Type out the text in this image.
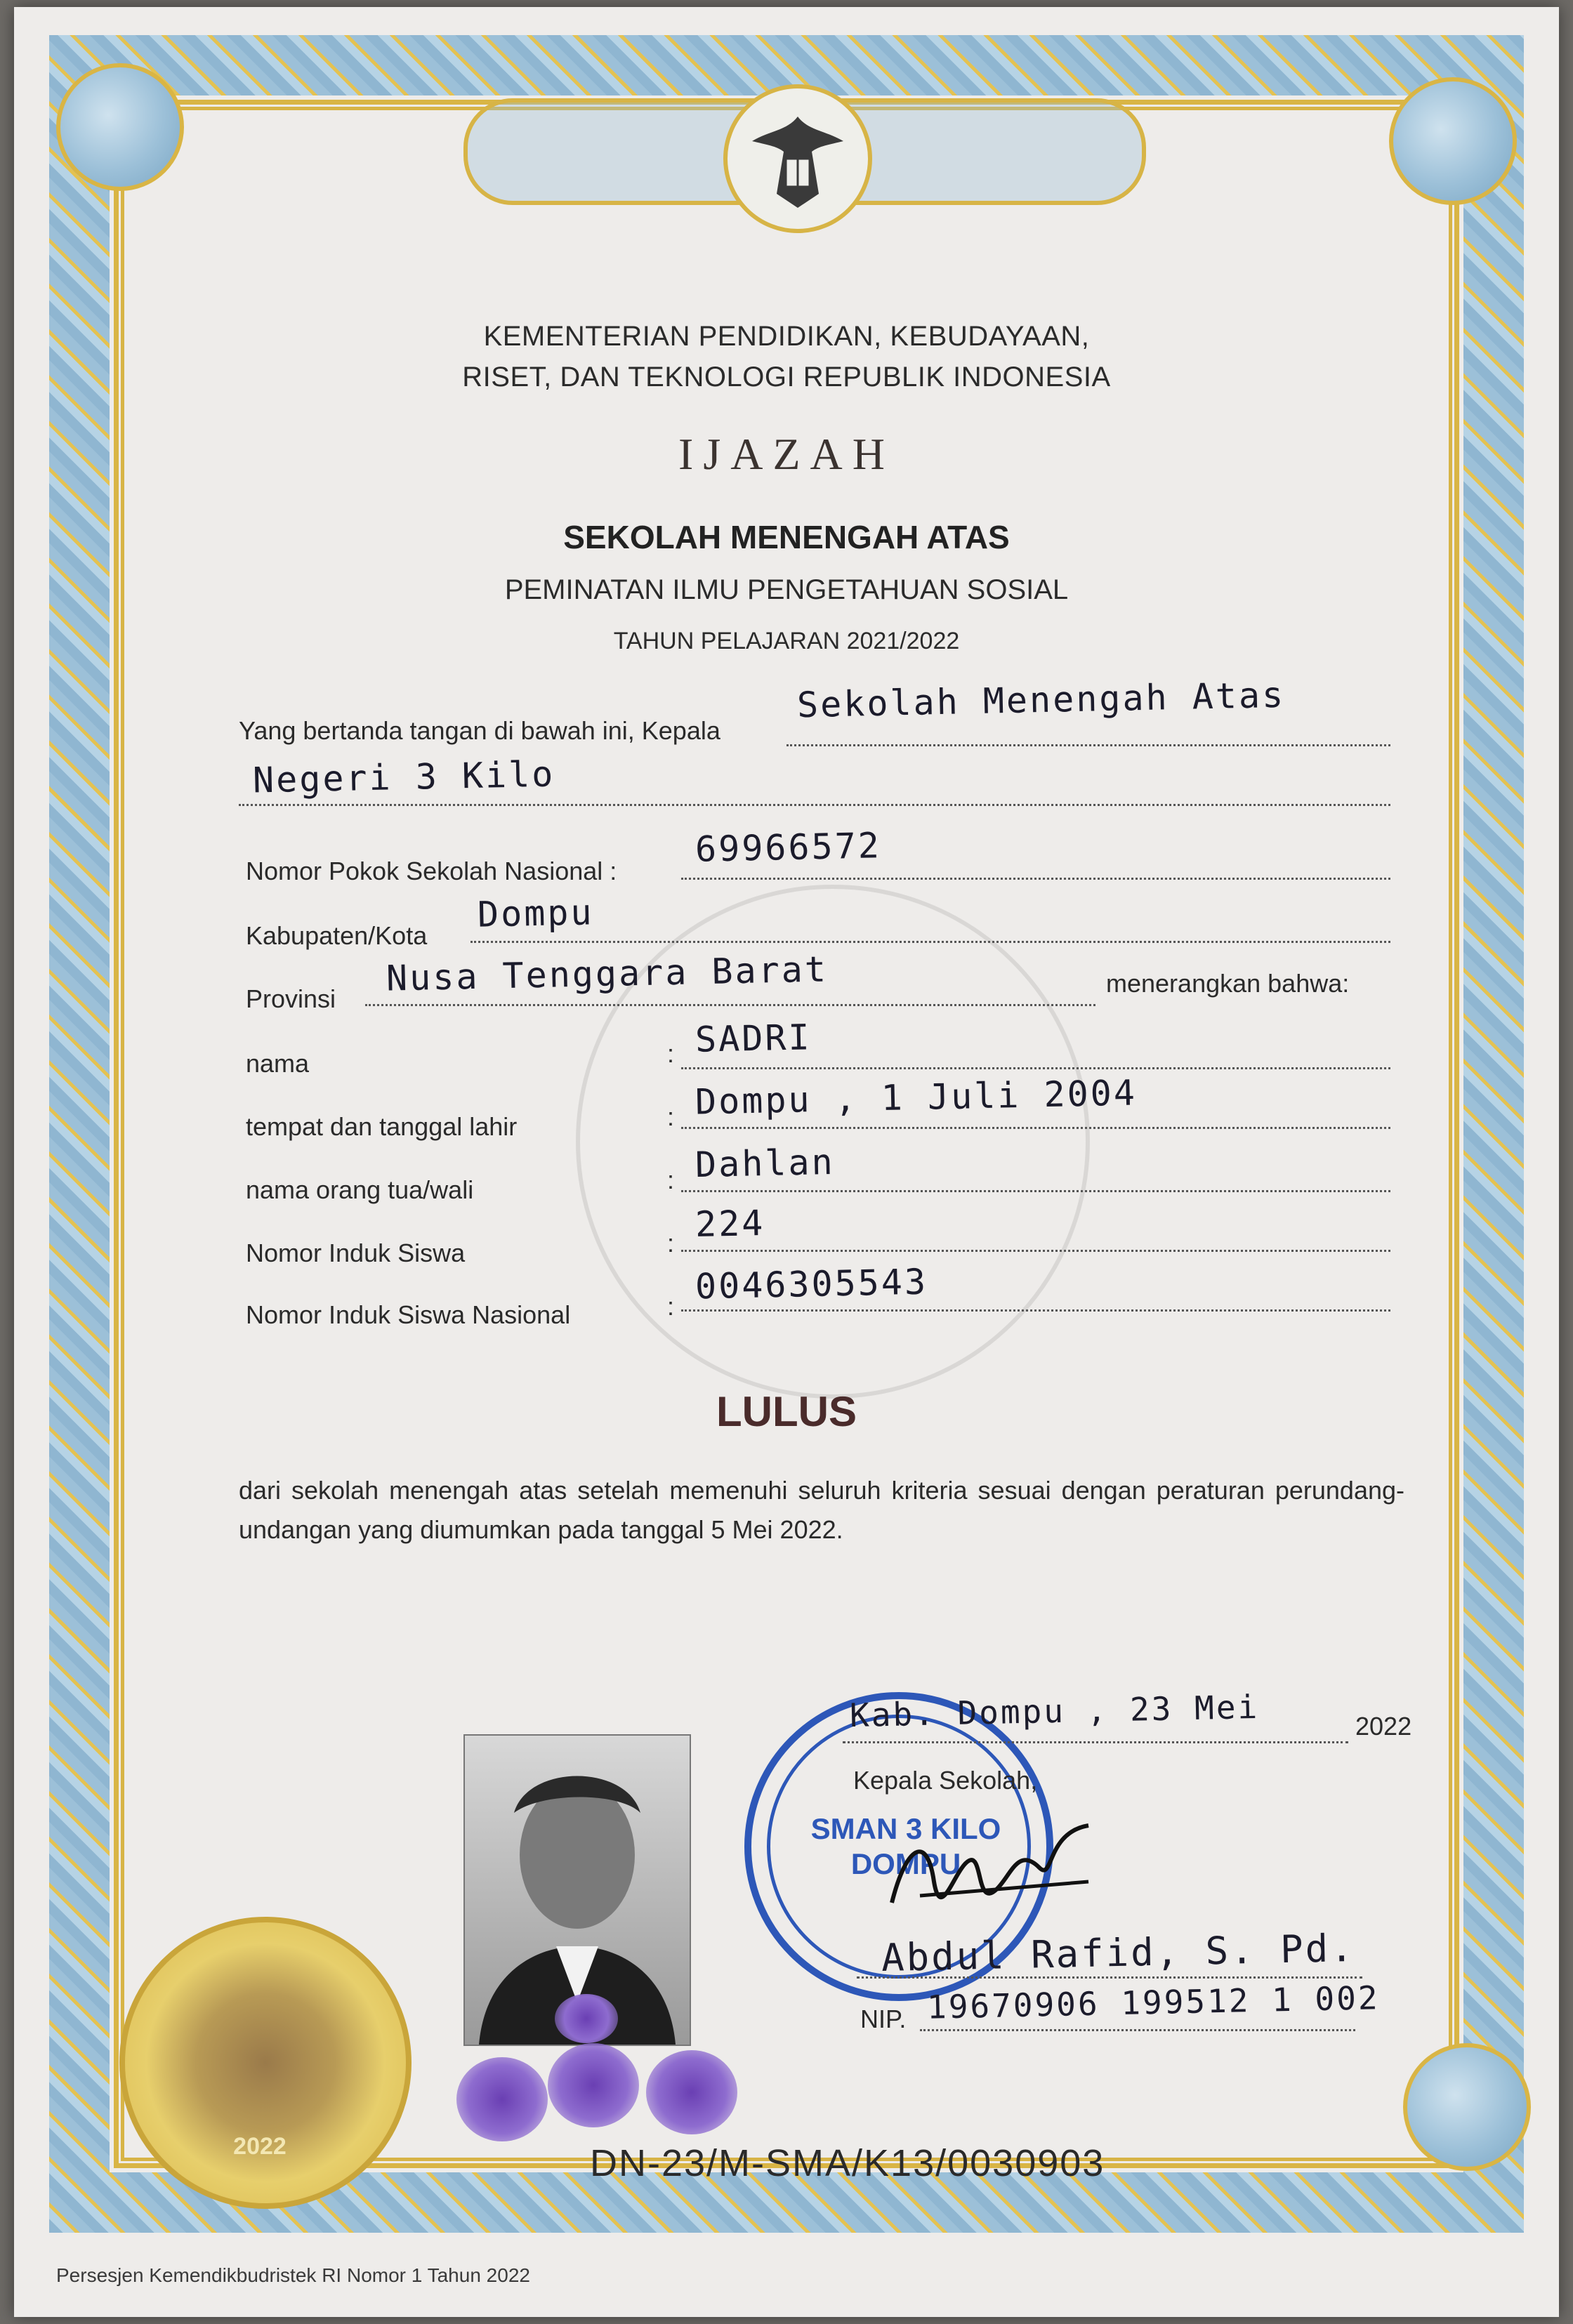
KEMENTERIAN PENDIDIKAN, KEBUDAYAAN,
RISET, DAN TEKNOLOGI REPUBLIK INDONESIA
IJAZAH
SEKOLAH MENENGAH ATAS
PEMINATAN ILMU PENGETAHUAN SOSIAL
TAHUN PELAJARAN 2021/2022
Yang bertanda tangan di bawah ini, Kepala
Sekolah Menengah Atas
Negeri 3 Kilo
Nomor Pokok Sekolah Nasional :
69966572
Kabupaten/Kota
Dompu
Provinsi Nusa Tenggara Barat	menerangkan bahwa:
nama	: SADRI
tempat dan tanggal lahir	: Dompu , 1 Juli 2004
nama orang tua/wali	: Dahlan
Nomor Induk Siswa	: 224
Nomor Induk Siswa Nasional	: 0046305543
LULUS
dari sekolah menengah atas setelah memenuhi seluruh kriteria sesuai dengan peraturan perundang-undangan yang diumumkan pada tanggal 5 Mei 2022.
2022
SMAN 3 KILO
DOMPU
Kab. Dompu , 23 Mei	2022
Kepala Sekolah,
Abdul Rafid, S. Pd.
NIP. 19670906 199512 1 002
DN-23/M-SMA/K13/0030903
Persesjen Kemendikbudristek RI Nomor 1 Tahun 2022
